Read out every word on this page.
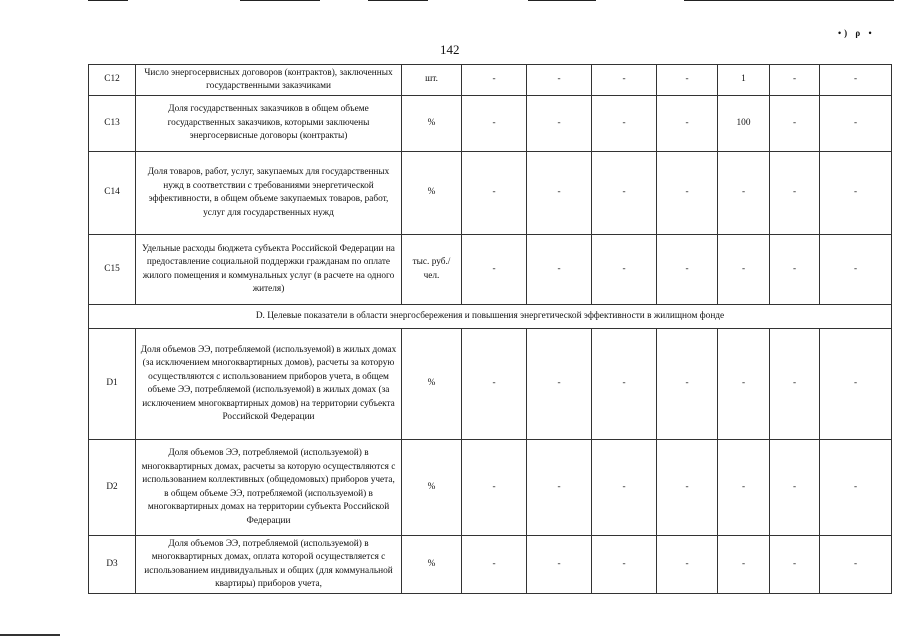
•) ρ •
142
C12	Число энергосервисных договоров (контрактов), заключенных государственными заказчиками	шт.	-	-	-	-	1	-	-
C13	Доля государственных заказчиков в общем объеме государственных заказчиков, которыми заключены энергосервисные договоры (контракты)	%	-	-	-	-	100	-	-
C14	Доля товаров, работ, услуг, закупаемых для государственных нужд в соответствии с требованиями энергетической эффективности, в общем объеме закупаемых товаров, работ, услуг для государственных нужд	%	-	-	-	-	-	-	-
C15	Удельные расходы бюджета субъекта Российской Федерации на предоставление социальной поддержки гражданам по оплате жилого помещения и коммунальных услуг (в расчете на одного жителя)	тыс. руб./чел.	-	-	-	-	-	-	-
D. Целевые показатели в области энергосбережения и повышения энергетической эффективности в жилищном фонде									
D1	Доля объемов ЭЭ, потребляемой (используемой) в жилых домах (за исключением многоквартирных домов), расчеты за которую осуществляются с использованием приборов учета, в общем объеме ЭЭ, потребляемой (используемой) в жилых домах (за исключением многоквартирных домов) на территории субъекта Российской Федерации	%	-	-	-	-	-	-	-
D2	Доля объемов ЭЭ, потребляемой (используемой) в многоквартирных домах, расчеты за которую осуществляются с использованием коллективных (общедомовых) приборов учета, в общем объеме ЭЭ, потребляемой (используемой) в многоквартирных домах на территории субъекта Российской Федерации	%	-	-	-	-	-	-	-
D3	Доля объемов ЭЭ, потребляемой (используемой) в многоквартирных домах, оплата которой осуществляется с использованием индивидуальных и общих (для коммунальной квартиры) приборов учета,	%	-	-	-	-	-	-	-
